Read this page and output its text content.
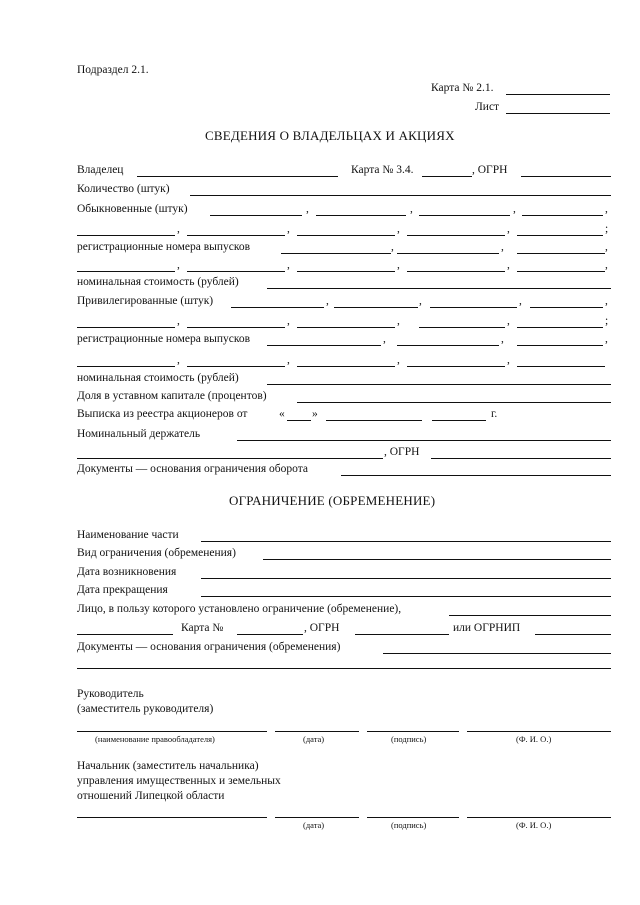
Подраздел 2.1.
Карта № 2.1.
Лист
СВЕДЕНИЯ О ВЛАДЕЛЬЦАХ И АКЦИЯХ
Владелец	Карта № 3.4.	, ОГРН
Количество (штук)
Обыкновенные (штук)	,	,	,	,
,	,	,	,	;
регистрационные номера выпусков	,	,	,
,	,	,	,	,
номинальная стоимость (рублей)
Привилегированные (штук)	,	,	,	,
,	,	,	,	;
регистрационные номера выпусков	,	,	,
,	,	,	,
номинальная стоимость (рублей)
Доля в уставном капитале (процентов)
Выписка из реестра акционеров от	« »	г.
Номинальный держатель
, ОГРН
Документы — основания ограничения оборота
ОГРАНИЧЕНИЕ (ОБРЕМЕНЕНИЕ)
Наименование части
Вид ограничения (обременения)
Дата возникновения
Дата прекращения
Лицо, в пользу которого установлено ограничение (обременение),
Карта №	, ОГРН	или ОГРНИП
Документы — основания ограничения (обременения)
Руководитель
(заместитель руководителя)
(наименование правообладателя)	(дата)	(подпись)	(Ф. И. О.)
Начальник (заместитель начальника)
управления имущественных и земельных
отношений Липецкой области
(дата)	(подпись)	(Ф. И. О.)
